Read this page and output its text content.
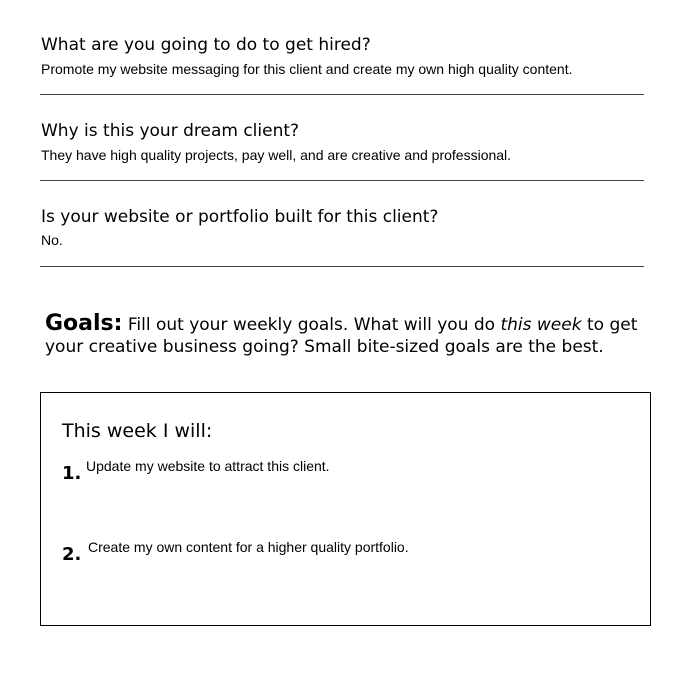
What are you going to do to get hired?
Promote my website messaging for this client and create my own high quality content.
Why is this your dream client?
They have high quality projects, pay well, and are creative and professional.
Is your website or portfolio built for this client?
No.
Goals: Fill out your weekly goals. What will you do this week to get your creative business going? Small bite-sized goals are the best.
This week I will:
1. Update my website to attract this client.
2. Create my own content for a higher quality portfolio.
